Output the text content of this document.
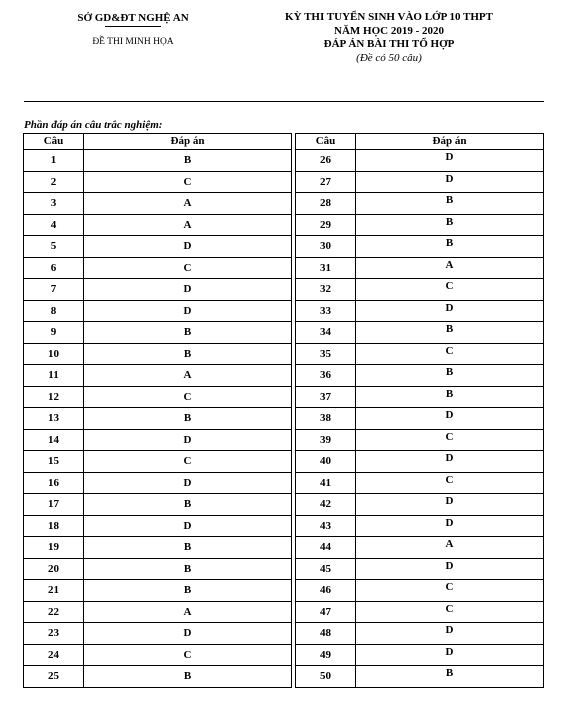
SỞ GD&ĐT NGHỆ AN
ĐỀ THI MINH HỌA
KỲ THI TUYỂN SINH VÀO LỚP 10 THPT
NĂM HỌC 2019 - 2020
ĐÁP ÁN BÀI THI TỔ HỢP
(Đề có 50 câu)
Phần đáp án câu trắc nghiệm:
Câu	Đáp án
1	B
2	C
3	A
4	A
5	D
6	C
7	D
8	D
9	B
10	B
11	A
12	C
13	B
14	D
15	C
16	D
17	B
18	D
19	B
20	B
21	B
22	A
23	D
24	C
25	B
Câu	Đáp án
26	D
27	D
28	B
29	B
30	B
31	A
32	C
33	D
34	B
35	C
36	B
37	B
38	D
39	C
40	D
41	C
42	D
43	D
44	A
45	D
46	C
47	C
48	D
49	D
50	B
